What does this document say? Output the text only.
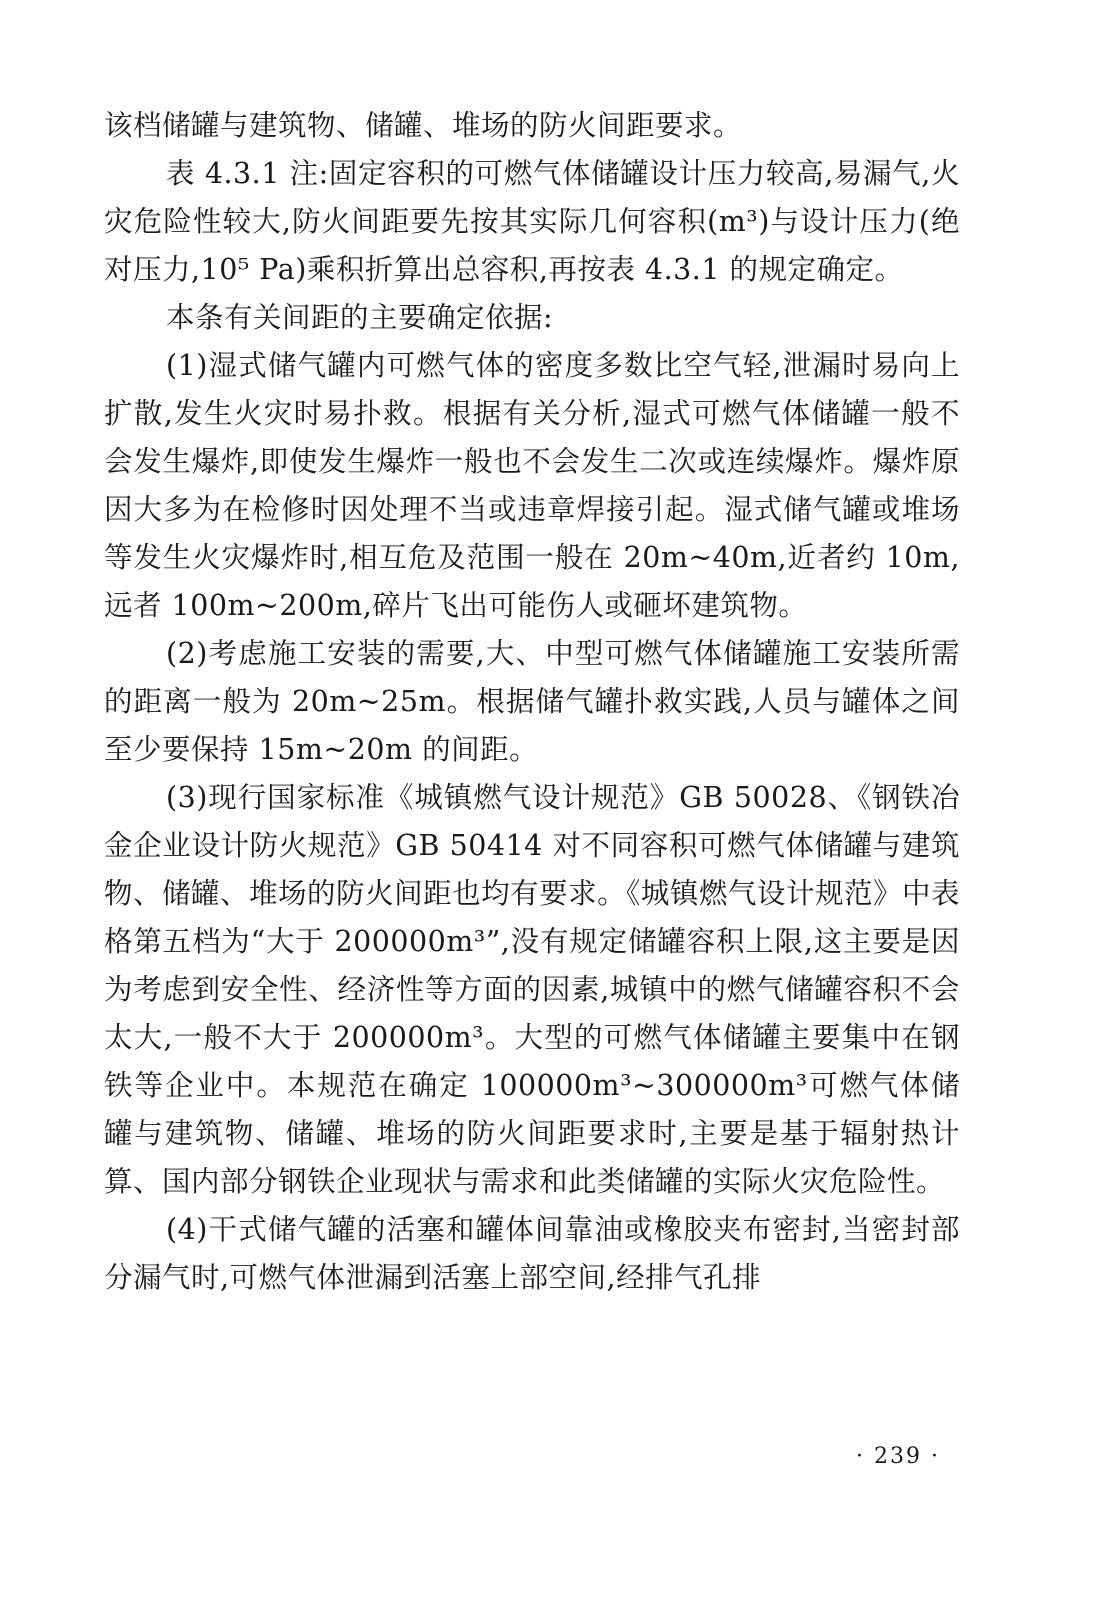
该档储罐与建筑物、储罐、堆场的防火间距要求。

表 4.3.1 注:固定容积的可燃气体储罐设计压力较高,易漏气,火灾危险性较大,防火间距要先按其实际几何容积(m³)与设计压力(绝对压力,10⁵ Pa)乘积折算出总容积,再按表 4.3.1 的规定确定。

本条有关间距的主要确定依据:

(1)湿式储气罐内可燃气体的密度多数比空气轻,泄漏时易向上扩散,发生火灾时易扑救。根据有关分析,湿式可燃气体储罐一般不会发生爆炸,即使发生爆炸一般也不会发生二次或连续爆炸。爆炸原因大多为在检修时因处理不当或违章焊接引起。湿式储气罐或堆场等发生火灾爆炸时,相互危及范围一般在 20m~40m,近者约 10m,远者 100m~200m,碎片飞出可能伤人或砸坏建筑物。

(2)考虑施工安装的需要,大、中型可燃气体储罐施工安装所需的距离一般为 20m~25m。根据储气罐扑救实践,人员与罐体之间至少要保持 15m~20m 的间距。

(3)现行国家标准《城镇燃气设计规范》GB 50028、《钢铁冶金企业设计防火规范》GB 50414 对不同容积可燃气体储罐与建筑物、储罐、堆场的防火间距也均有要求。《城镇燃气设计规范》中表格第五档为“大于 200000m³”,没有规定储罐容积上限,这主要是因为考虑到安全性、经济性等方面的因素,城镇中的燃气储罐容积不会太大,一般不大于 200000m³。大型的可燃气体储罐主要集中在钢铁等企业中。本规范在确定 100000m³~300000m³可燃气体储罐与建筑物、储罐、堆场的防火间距要求时,主要是基于辐射热计算、国内部分钢铁企业现状与需求和此类储罐的实际火灾危险性。

(4)干式储气罐的活塞和罐体间靠油或橡胶夹布密封,当密封部分漏气时,可燃气体泄漏到活塞上部空间,经排气孔排

· 239 ·
